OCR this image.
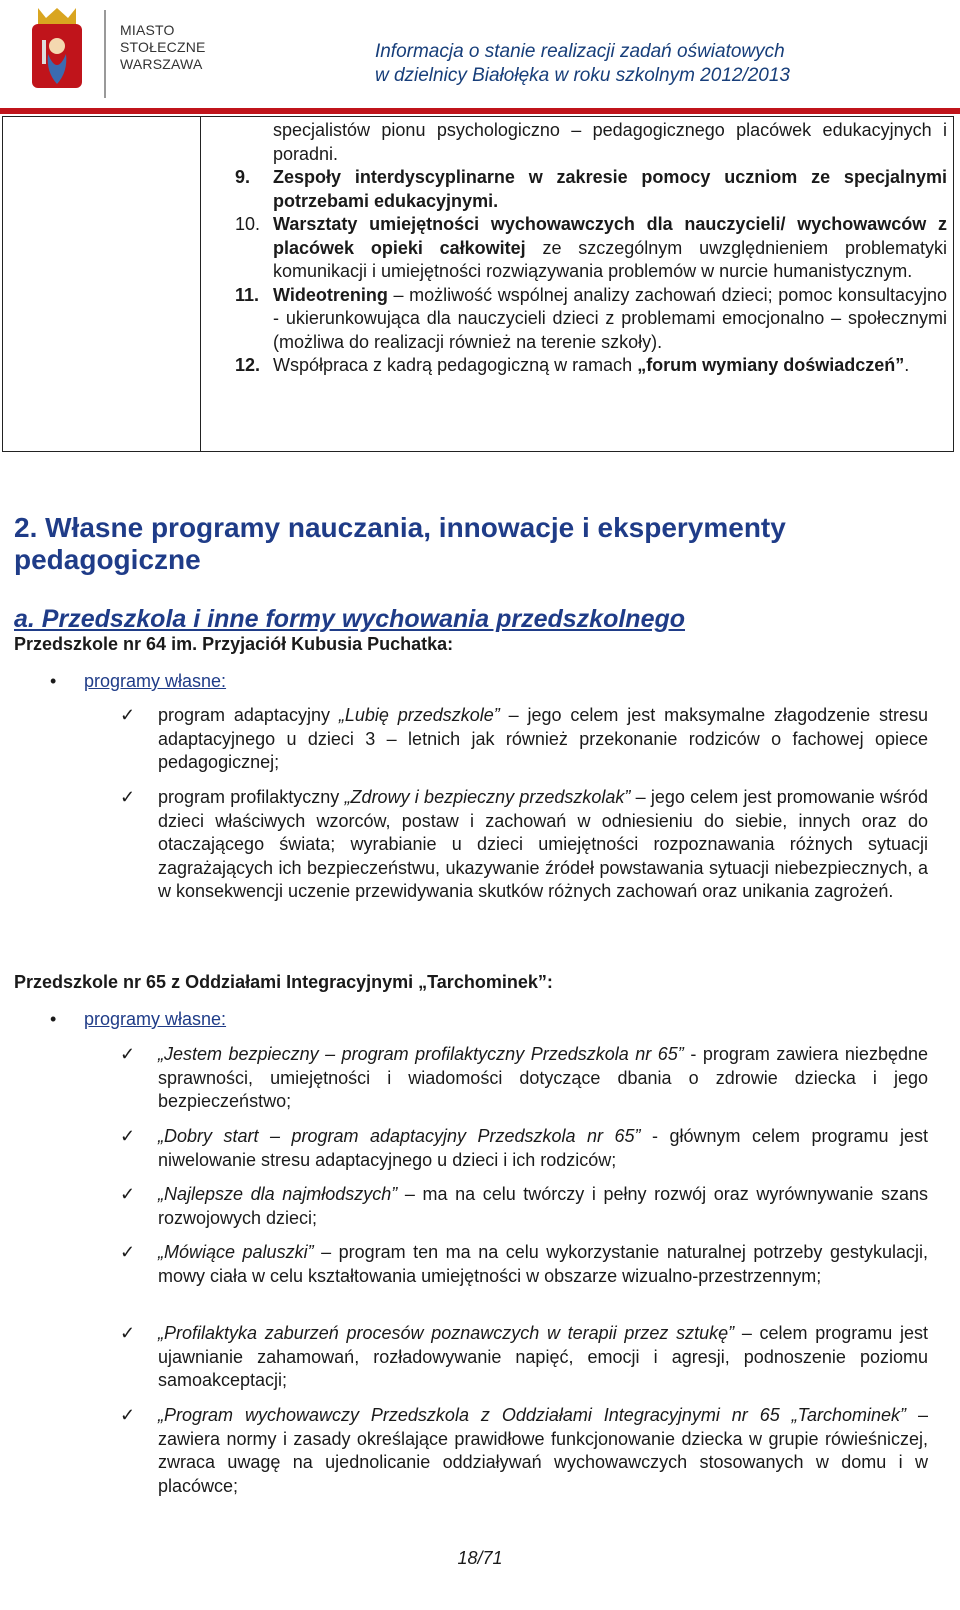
MIASTO
STOŁECZNE
WARSZAWA
Informacja o stanie realizacji zadań oświatowych
w dzielnicy Białołęka w roku szkolnym 2012/2013

specjalistów pionu psychologiczno – pedagogicznego placówek edukacyjnych i poradni.

9. Zespoły interdyscyplinarne w zakresie pomocy uczniom ze specjalnymi potrzebami edukacyjnymi.

10. Warsztaty umiejętności wychowawczych dla nauczycieli/ wychowawców z placówek opieki całkowitej ze szczególnym uwzględnieniem problematyki komunikacji i umiejętności rozwiązywania problemów w nurcie humanistycznym.

11. Wideotrening – możliwość wspólnej analizy zachowań dzieci; pomoc konsultacyjno - ukierunkowująca dla nauczycieli dzieci z problemami emocjonalno – społecznymi (możliwa do realizacji również na terenie szkoły).

12. Współpraca z kadrą pedagogiczną w ramach „forum wymiany doświadczeń”.

2. Własne programy nauczania, innowacje i eksperymenty pedagogiczne
a. Przedszkola i inne formy wychowania przedszkolnego

Przedszkole nr 64 im. Przyjaciół Kubusia Puchatka:

• programy własne:
✓ program adaptacyjny „Lubię przedszkole” – jego celem jest maksymalne złagodzenie stresu adaptacyjnego u dzieci 3 – letnich jak również przekonanie rodziców o fachowej opiece pedagogicznej;
✓ program profilaktyczny „Zdrowy i bezpieczny przedszkolak” – jego celem jest promowanie wśród dzieci właściwych wzorców, postaw i zachowań w odniesieniu do siebie, innych oraz do otaczającego świata; wyrabianie u dzieci umiejętności rozpoznawania różnych sytuacji zagrażających ich bezpieczeństwu, ukazywanie źródeł powstawania sytuacji niebezpiecznych, a w konsekwencji uczenie przewidywania skutków różnych zachowań oraz unikania zagrożeń.

Przedszkole nr 65 z Oddziałami Integracyjnymi „Tarchominek”:

• programy własne:
✓ „Jestem bezpieczny – program profilaktyczny Przedszkola nr 65” - program zawiera niezbędne sprawności, umiejętności i wiadomości dotyczące dbania o zdrowie dziecka i jego bezpieczeństwo;
✓ „Dobry start – program adaptacyjny Przedszkola nr 65” - głównym celem programu jest niwelowanie stresu adaptacyjnego u dzieci i ich rodziców;
✓ „Najlepsze dla najmłodszych” – ma na celu twórczy i pełny rozwój oraz wyrównywanie szans rozwojowych dzieci;
✓ „Mówiące paluszki” – program ten ma na celu wykorzystanie naturalnej potrzeby gestykulacji, mowy ciała w celu kształtowania umiejętności w obszarze wizualno-przestrzennym;
✓ „Profilaktyka zaburzeń procesów poznawczych w terapii przez sztukę” – celem programu jest ujawnianie zahamowań, rozładowywanie napięć, emocji i agresji, podnoszenie poziomu samoakceptacji;
✓ „Program wychowawczy Przedszkola z Oddziałami Integracyjnymi nr 65 „Tarchominek” – zawiera normy i zasady określające prawidłowe funkcjonowanie dziecka w grupie rówieśniczej, zwraca uwagę na ujednolicanie oddziaływań wychowawczych stosowanych w domu i w placówce;
18/71
